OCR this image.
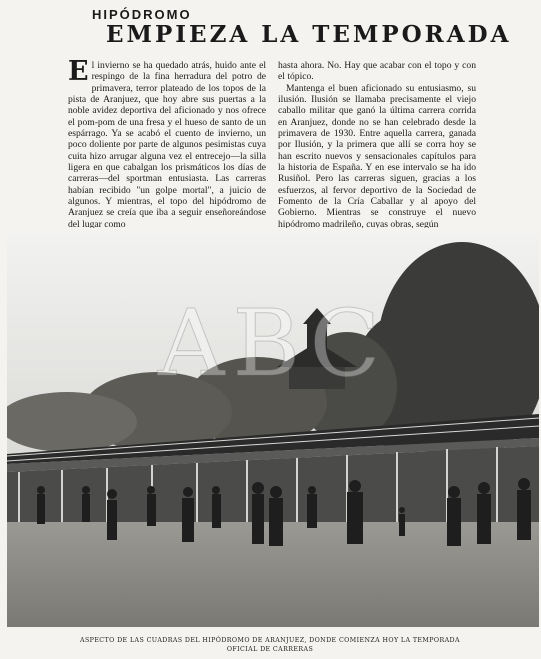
HIPÓDROMO
EMPIEZA LA TEMPORADA

El invierno se ha quedado atrás, huido ante el respingo de la fina herradura del potro de primavera, terror plateado de los topos de la pista de Aranjuez, que hoy abre sus puertas a la noble avidez deportiva del aficionado y nos ofrece el pom-pom de una fresa y el hueso de santo de un espárrago. Ya se acabó el cuento de invierno, un poco doliente por parte de algunos pesimistas cuya cuita hizo arrugar alguna vez el entrecejo—la silla ligera en que cabalgan los prismáticos los días de carreras—del sportman entusiasta. Las carreras habían recibido "un golpe mortal", a juicio de algunos. Y mientras, el topo del hipódromo de Aranjuez se creía que iba a seguir enseñoreándose del lugar como

hasta ahora. No. Hay que acabar con el topo y con el tópico.

Mantenga el buen aficionado su entusiasmo, su ilusión. Ilusión se llamaba precisamente el viejo caballo militar que ganó la última carrera corrida en Aranjuez, donde no se han celebrado desde la primavera de 1930. Entre aquella carrera, ganada por Ilusión, y la primera que allí se corra hoy se han escrito nuevos y sensacionales capítulos para la historia de España. Y en ese intervalo se ha ido Rusiñol. Pero las carreras siguen, gracias a los esfuerzos, al fervor deportivo de la Sociedad de Fomento de la Cría Caballar y al apoyo del Gobierno. Mientras se construye el nuevo hipódromo madrileño, cuyas obras, según

ABC
ASPECTO DE LAS CUADRAS DEL HIPÓDROMO DE ARANJUEZ, DONDE COMIENZA HOY LA TEMPORADA
OFICIAL DE CARRERAS
